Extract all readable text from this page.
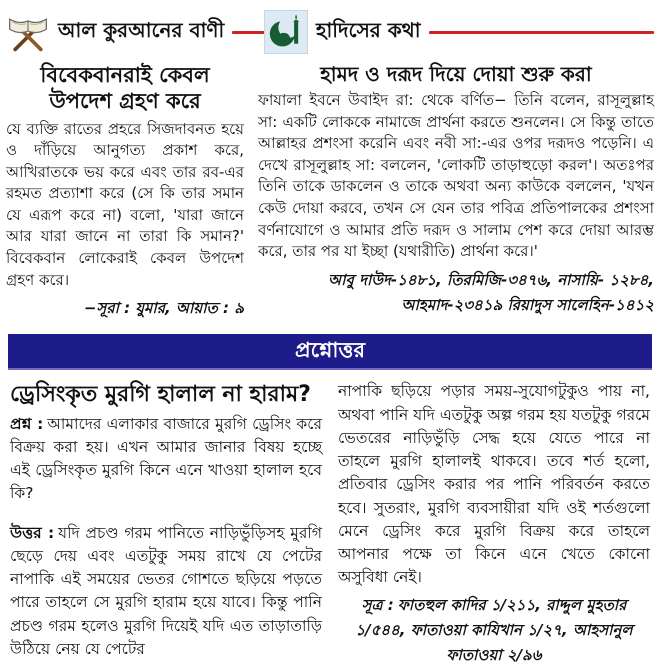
আল কুরআনের বাণী	হাদিসের কথা
বিবেকবানরাই কেবল উপদেশ গ্রহণ করে

যে ব্যক্তি রাতের প্রহরে সিজদাবনত হয়ে ও দাঁড়িয়ে আনুগত্য প্রকাশ করে, আখিরাতকে ভয় করে এবং তার রব-এর রহমত প্রত্যাশা করে (সে কি তার সমান যে এরূপ করে না) বলো, 'যারা জানে আর যারা জানে না তারা কি সমান?' বিবেকবান লোকেরাই কেবল উপদেশ গ্রহণ করে।

−সূরা : যুমার, আয়াত : ৯

হামদ ও দরূদ দিয়ে দোয়া শুরু করা

ফাযালা ইবনে উবাইদ রা: থেকে বর্ণিত− তিনি বলেন, রাসূলুল্লাহ সা: একটি লোককে নামাজে প্রার্থনা করতে শুনলেন। সে কিন্তু তাতে আল্লাহর প্রশংসা করেনি এবং নবী সা:-এর ওপর দরূদও পড়েনি। এ দেখে রাসূলুল্লাহ সা: বললেন, 'লোকটি তাড়াহুড়ো করল'। অতঃপর তিনি তাকে ডাকলেন ও তাকে অথবা অন্য কাউকে বললেন, 'যখন কেউ দোয়া করবে, তখন সে যেন তার পবিত্র প্রতিপালকের প্রশংসা বর্ণনাযোগে ও আমার প্রতি দরূদ ও সালাম পেশ করে দোয়া আরম্ভ করে, তার পর যা ইচ্ছা (যথারীতি) প্রার্থনা করে।'

আবু দাউদ-১৪৮১, তিরমিজি-৩৪৭৬, নাসায়ি- ১২৮৪, আহমাদ-২৩৪১৯ রিয়াদুস সালেহিন-১৪১২

প্রশ্নোত্তর
ড্রেসিংকৃত মুরগি হালাল না হারাম?

প্রশ্ন : আমাদের এলাকার বাজারে মুরগি ড্রেসিং করে বিক্রয় করা হয়। এখন আমার জানার বিষয় হচ্ছে এই ড্রেসিংকৃত মুরগি কিনে এনে খাওয়া হালাল হবে কি?

উত্তর : যদি প্রচণ্ড গরম পানিতে নাড়িভুঁড়িসহ মুরগি ছেড়ে দেয় এবং এতটুকু সময় রাখে যে পেটের নাপাকি এই সময়ের ভেতর গোশতে ছড়িয়ে পড়তে পারে তাহলে সে মুরগি হারাম হয়ে যাবে। কিন্তু পানি প্রচণ্ড গরম হলেও মুরগি দিয়েই যদি এত তাড়াতাড়ি উঠিয়ে নেয় যে পেটের

নাপাকি ছড়িয়ে পড়ার সময়-সুযোগটুকুও পায় না, অথবা পানি যদি এতটুকু অল্প গরম হয় যতটুকু গরমে ভেতরের নাড়িভুঁড়ি সেদ্ধ হয়ে যেতে পারে না তাহলে মুরগি হালালই থাকবে। তবে শর্ত হলো, প্রতিবার ড্রেসিং করার পর পানি পরিবর্তন করতে হবে। সুতরাং, মুরগি ব্যবসায়ীরা যদি ওই শর্তগুলো মেনে ড্রেসিং করে মুরগি বিক্রয় করে তাহলে আপনার পক্ষে তা কিনে এনে খেতে কোনো অসুবিধা নেই।

সূত্র : ফাতহুল কাদির ১/২১১, রাদ্দুল মুহতার ১/৫৪৪, ফাতাওয়া কাযিখান ১/২৭, আহসানুল ফাতাওয়া ২/৯৬
